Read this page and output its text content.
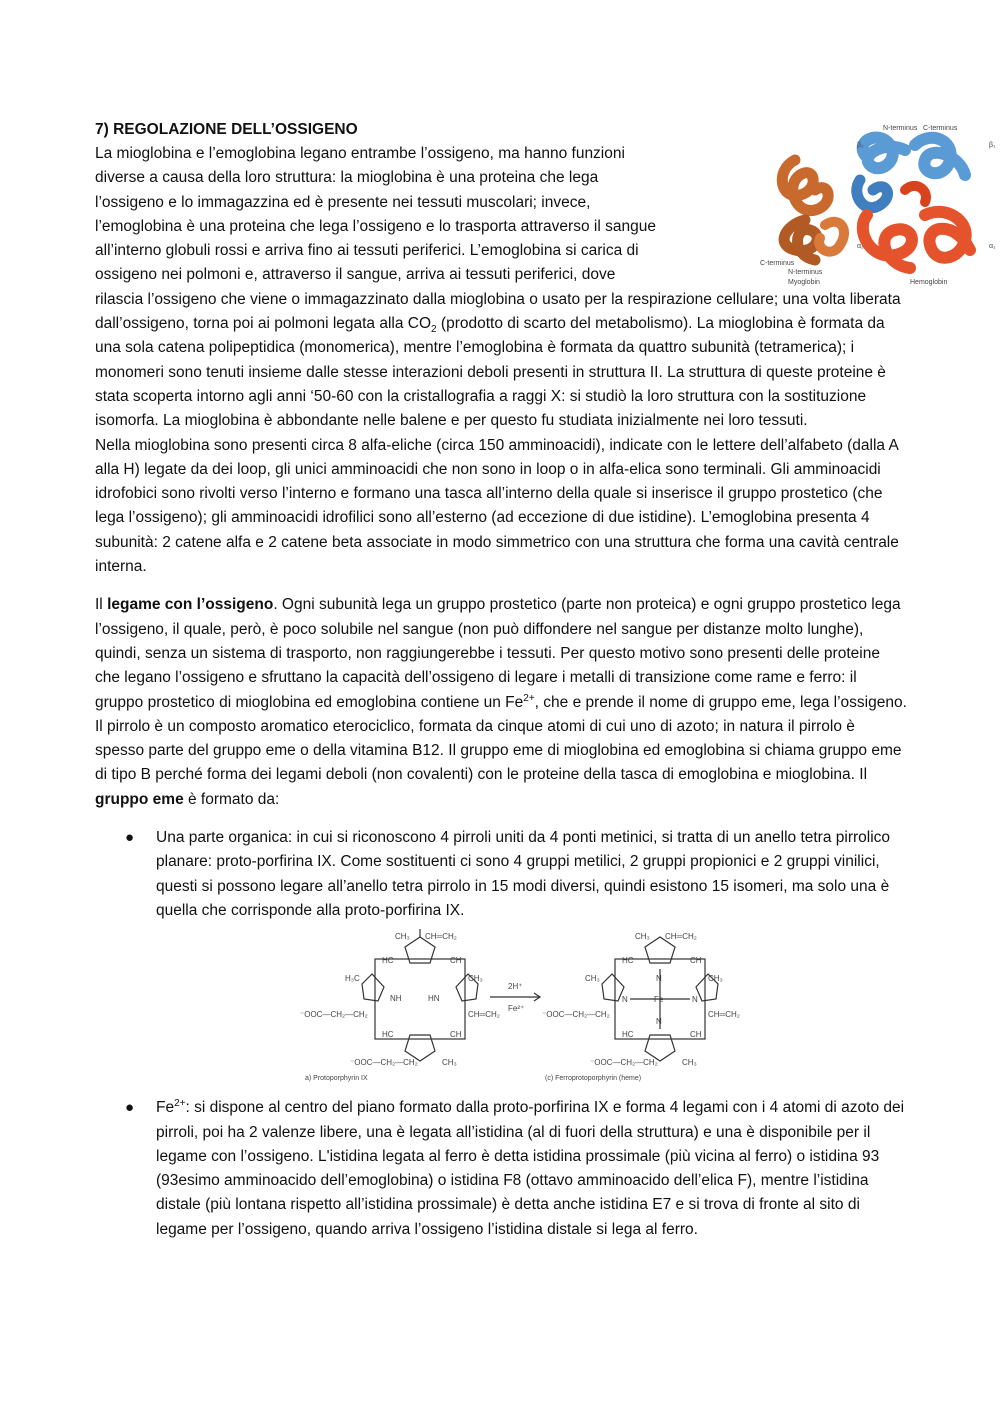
N-terminus C-terminus
β₂	β₁
α₂	α₁
C-terminus
N-terminus
Myoglobin	Hemoglobin
7) REGOLAZIONE DELL’OSSIGENO

La mioglobina e l’emoglobina legano entrambe l’ossigeno, ma hanno funzioni

diverse a causa della loro struttura: la mioglobina è una proteina che lega

l’ossigeno e lo immagazzina ed è presente nei tessuti muscolari; invece,

l’emoglobina è una proteina che lega l’ossigeno e lo trasporta attraverso il sangue

all’interno globuli rossi e arriva fino ai tessuti periferici. L’emoglobina si carica di

ossigeno nei polmoni e, attraverso il sangue, arriva ai tessuti periferici, dove

rilascia l’ossigeno che viene o immagazzinato dalla mioglobina o usato per la respirazione cellulare; una volta liberata dall’ossigeno, torna poi ai polmoni legata alla $CO_2$ (prodotto di scarto del metabolismo). La mioglobina è formata da una sola catena polipeptidica (monomerica), mentre l’emoglobina è formata da quattro subunità (tetramerica); i monomeri sono tenuti insieme dalle stesse interazioni deboli presenti in struttura II. La struttura di queste proteine è stata scoperta intorno agli anni ‘50-60 con la cristallografia a raggi X: si studiò la loro struttura con la sostituzione isomorfa. La mioglobina è abbondante nelle balene e per questo fu studiata inizialmente nei loro tessuti.

Nella mioglobina sono presenti circa 8 alfa-eliche (circa 150 amminoacidi), indicate con le lettere dell’alfabeto (dalla A alla H) legate da dei loop, gli unici amminoacidi che non sono in loop o in alfa-elica sono terminali. Gli amminoacidi idrofobici sono rivolti verso l’interno e formano una tasca all’interno della quale si inserisce il gruppo prostetico (che lega l’ossigeno); gli amminoacidi idrofilici sono all’esterno (ad eccezione di due istidine). L’emoglobina presenta 4 subunità: 2 catene alfa e 2 catene beta associate in modo simmetrico con una struttura che forma una cavità centrale interna.

Il legame con l’ossigeno. Ogni subunità lega un gruppo prostetico (parte non proteica) e ogni gruppo prostetico lega l’ossigeno, il quale, però, è poco solubile nel sangue (non può diffondere nel sangue per distanze molto lunghe), quindi, senza un sistema di trasporto, non raggiungerebbe i tessuti. Per questo motivo sono presenti delle proteine che legano l’ossigeno e sfruttano la capacità dell’ossigeno di legare i metalli di transizione come rame e ferro: il gruppo prostetico di mioglobina ed emoglobina contiene un $Fe^{2+}$, che e prende il nome di gruppo eme, lega l’ossigeno. Il pirrolo è un composto aromatico eterociclico, formata da cinque atomi di cui uno di azoto; in natura il pirrolo è spesso parte del gruppo eme o della vitamina B12. Il gruppo eme di mioglobina ed emoglobina si chiama gruppo eme di tipo B perché forma dei legami deboli (non covalenti) con le proteine della tasca di emoglobina e mioglobina. Il gruppo eme è formato da:

● Una parte organica: in cui si riconoscono 4 pirroli uniti da 4 ponti metinici, si tratta di un anello tetra pirrolico planare: proto-porfirina IX. Come sostituenti ci sono 4 gruppi metilici, 2 gruppi propionici e 2 gruppi vinilici, questi si possono legare all’anello tetra pirrolo in 15 modi diversi, quindi esistono 15 isomeri, ma solo una è quella che corrisponde alla proto-porfirina IX.
CH₃ CH═CH₂
HC	CH
H₃C	CH₃
NH	HN
⁻OOC—CH₂—CH₂	CH═CH₂
HC	CH
⁻OOC—CH₂—CH₂	CH₃
2H⁺
Fe²⁺
CH₃ CH═CH₂
HC	CH
CH₃	CH₃
N
N	Fe	N
N
⁻OOC—CH₂—CH₂	CH═CH₂
HC	CH
⁻OOC—CH₂—CH₂	CH₃
a) Protoporphyrin IX	(c) Ferroprotoporphyrin (heme)
● $Fe^{2+}$: si dispone al centro del piano formato dalla proto-porfirina IX e forma 4 legami con i 4 atomi di azoto dei pirroli, poi ha 2 valenze libere, una è legata all’istidina (al di fuori della struttura) e una è disponibile per il legame con l’ossigeno. L'istidina legata al ferro è detta istidina prossimale (più vicina al ferro) o istidina 93 (93esimo amminoacido dell’emoglobina) o istidina F8 (ottavo amminoacido dell’elica F), mentre l’istidina distale (più lontana rispetto all’istidina prossimale) è detta anche istidina E7 e si trova di fronte al sito di legame per l’ossigeno, quando arriva l’ossigeno l’istidina distale si lega al ferro.
